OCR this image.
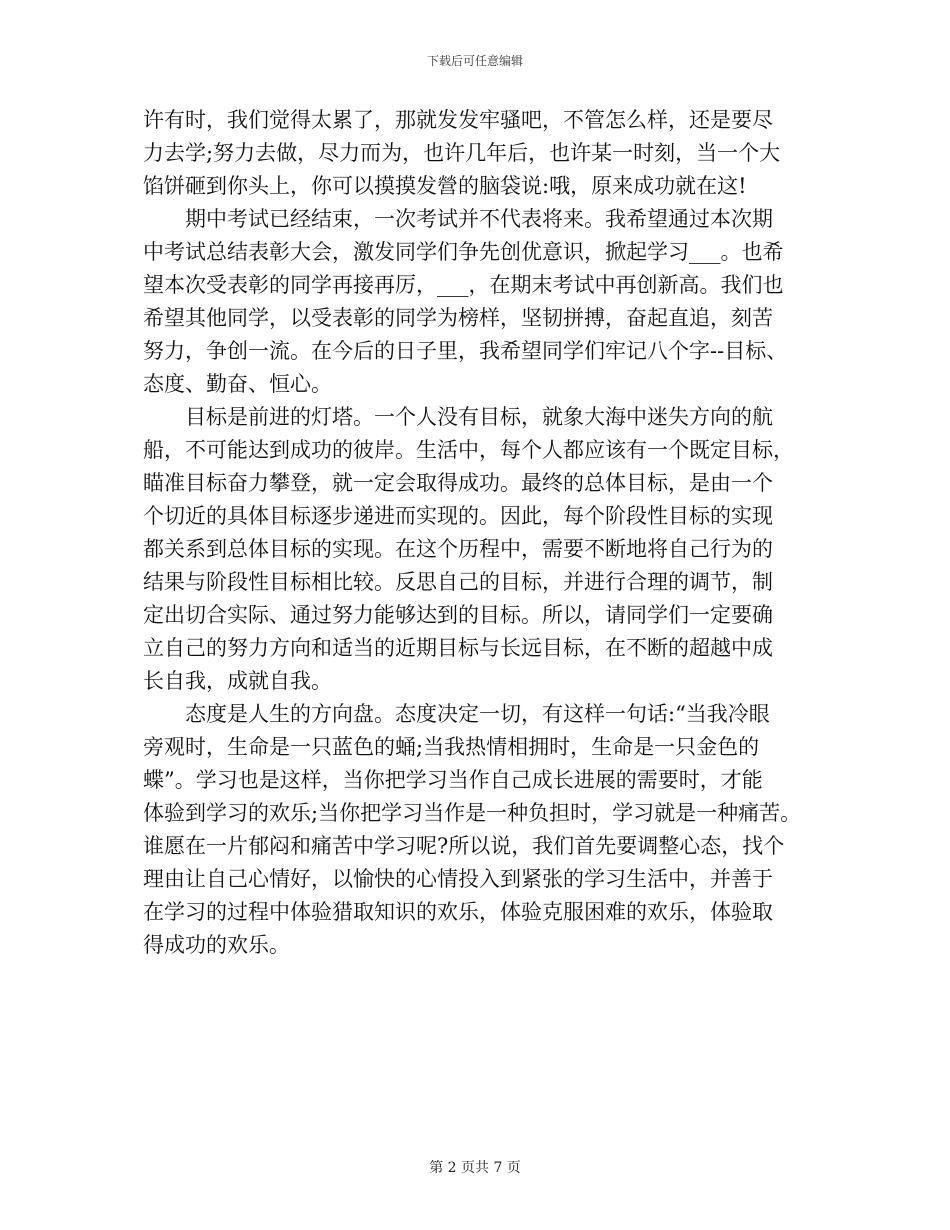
下载后可任意编辑

许有时，我们觉得太累了，那就发发牢骚吧，不管怎么样，还是要尽
力去学;努力去做，尽力而为，也许几年后，也许某一时刻，当一个大
馅饼砸到你头上，你可以摸摸发營的脑袋说:哦，原来成功就在这!

　　期中考试已经结束，一次考试并不代表将来。我希望通过本次期
中考试总结表彰大会，激发同学们争先创优意识，掀起学习___。也希
望本次受表彰的同学再接再厉，___，在期末考试中再创新高。我们也
希望其他同学，以受表彰的同学为榜样，坚韧拼搏，奋起直追，刻苦
努力，争创一流。在今后的日子里，我希望同学们牢记八个字--目标、
态度、勤奋、恒心。

　　目标是前进的灯塔。一个人没有目标，就象大海中迷失方向的航
船，不可能达到成功的彼岸。生活中，每个人都应该有一个既定目标，
瞄准目标奋力攀登，就一定会取得成功。最终的总体目标，是由一个
个切近的具体目标逐步递进而实现的。因此，每个阶段性目标的实现
都关系到总体目标的实现。在这个历程中，需要不断地将自己行为的
结果与阶段性目标相比较。反思自己的目标，并进行合理的调节，制
定出切合实际、通过努力能够达到的目标。所以，请同学们一定要确
立自己的努力方向和适当的近期目标与长远目标，在不断的超越中成
长自我，成就自我。

　　态度是人生的方向盘。态度决定一切，有这样一句话:“当我冷眼
旁观时，生命是一只蓝色的蛹;当我热情相拥时，生命是一只金色的
蝶”。学习也是这样，当你把学习当作自己成长进展的需要时，才能
体验到学习的欢乐;当你把学习当作是一种负担时，学习就是一种痛苦。
谁愿在一片郁闷和痛苦中学习呢?所以说，我们首先要调整心态，找个
理由让自己心情好，以愉快的心情投入到紧张的学习生活中，并善于
在学习的过程中体验猎取知识的欢乐，体验克服困难的欢乐，体验取
得成功的欢乐。

第 2 页共 7 页
